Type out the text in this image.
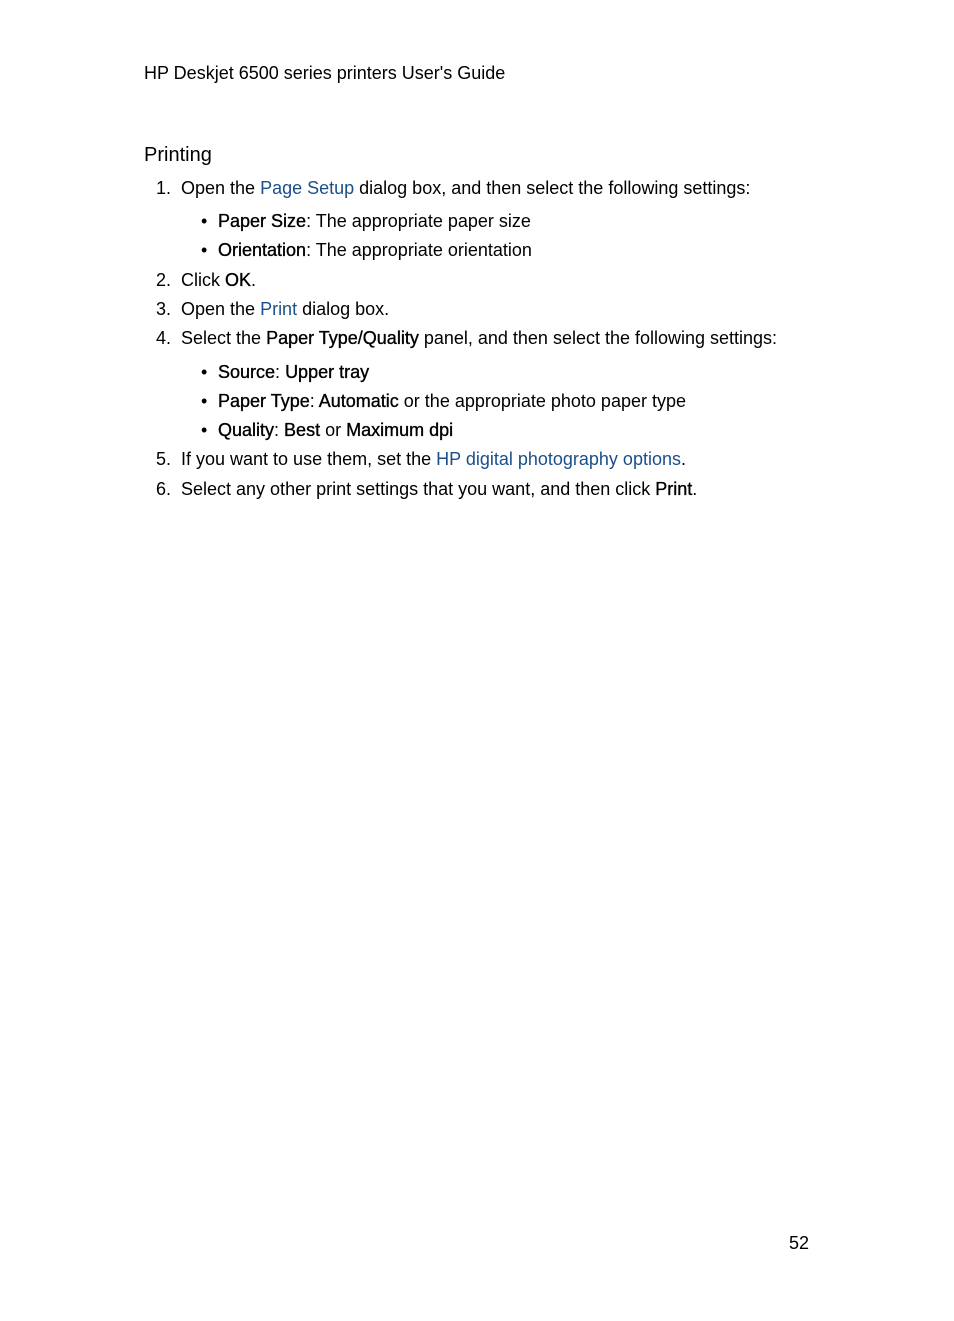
HP Deskjet 6500 series printers User's Guide
Printing
1. Open the Page Setup dialog box, and then select the following settings:
• Paper Size: The appropriate paper size
• Orientation: The appropriate orientation
2. Click OK.
3. Open the Print dialog box.
4. Select the Paper Type/Quality panel, and then select the following settings:
• Source: Upper tray
• Paper Type: Automatic or the appropriate photo paper type
• Quality: Best or Maximum dpi
5. If you want to use them, set the HP digital photography options.
6. Select any other print settings that you want, and then click Print.
52
